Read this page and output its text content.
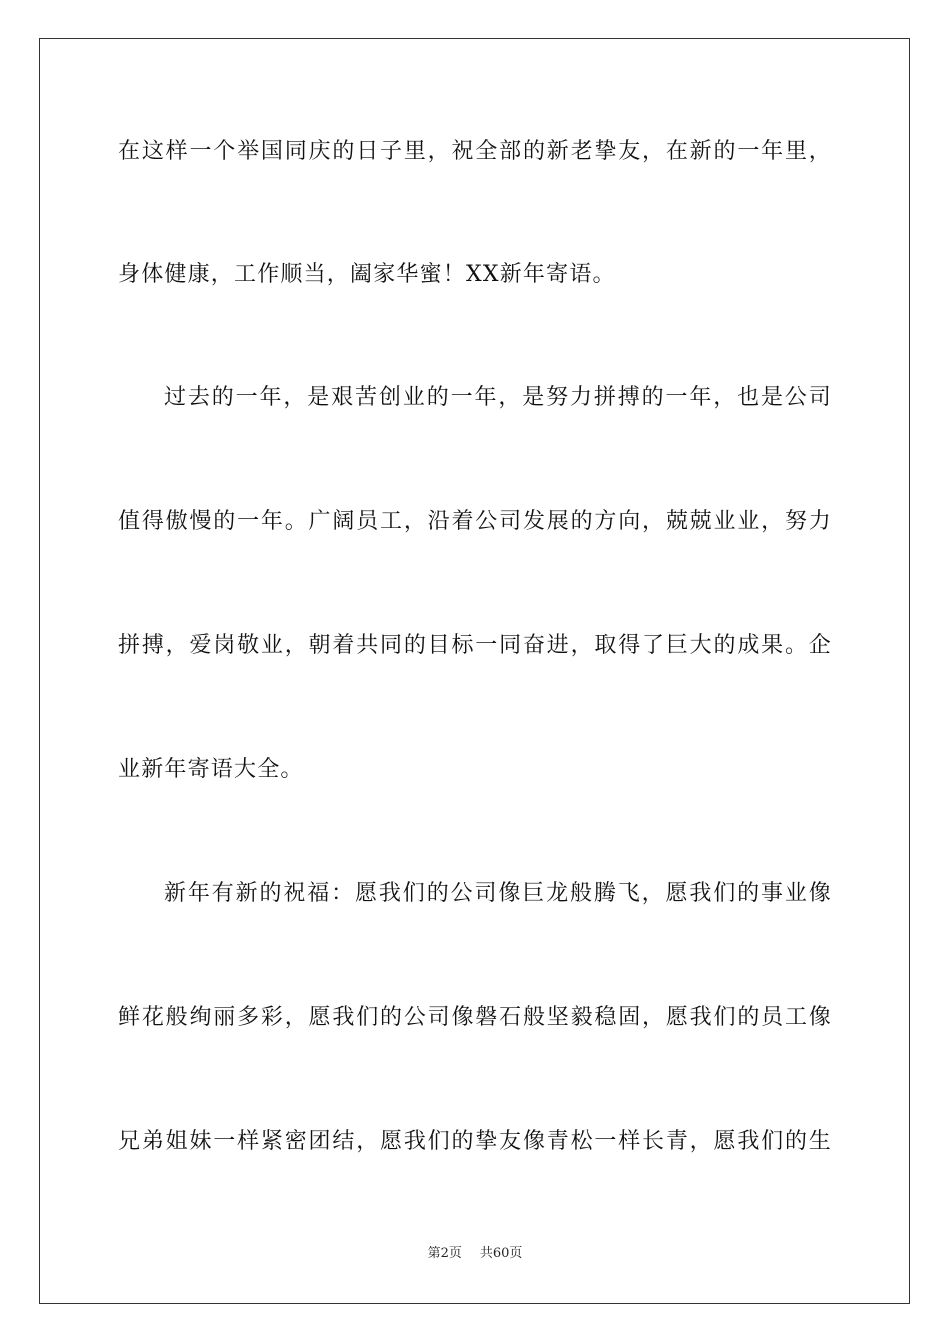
在这样一个举国同庆的日子里，祝全部的新老挚友，在新的一年里，
身体健康，工作顺当，阖家华蜜！XX新年寄语。
过去的一年，是艰苦创业的一年，是努力拼搏的一年，也是公司
值得傲慢的一年。广阔员工，沿着公司发展的方向，兢兢业业，努力
拼搏，爱岗敬业，朝着共同的目标一同奋进，取得了巨大的成果。企
业新年寄语大全。
新年有新的祝福：愿我们的公司像巨龙般腾飞，愿我们的事业像
鲜花般绚丽多彩，愿我们的公司像磐石般坚毅稳固，愿我们的员工像
兄弟姐妹一样紧密团结，愿我们的挚友像青松一样长青，愿我们的生
第2页 共60页
